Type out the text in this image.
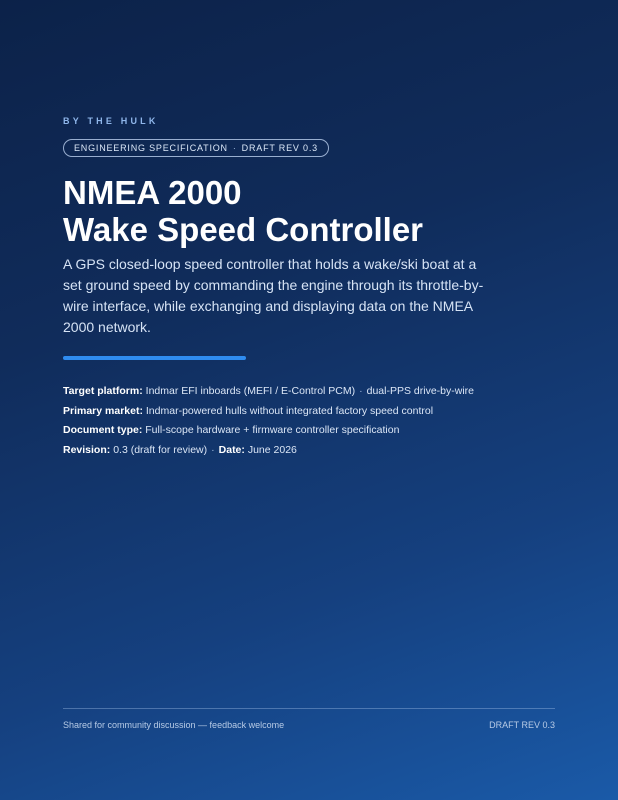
BY THE HULK
ENGINEERING SPECIFICATION · DRAFT REV 0.3
NMEA 2000
Wake Speed Controller

A GPS closed-loop speed controller that holds a wake/ski boat at a set ground speed by commanding the engine through its throttle-by-wire interface, while exchanging and displaying data on the NMEA 2000 network.

Target platform: Indmar EFI inboards (MEFI / E-Control PCM) · dual-PPS drive-by-wire
Primary market: Indmar-powered hulls without integrated factory speed control
Document type: Full-scope hardware + firmware controller specification
Revision: 0.3 (draft for review) · Date: June 2026
Shared for community discussion — feedback welcome	DRAFT REV 0.3
